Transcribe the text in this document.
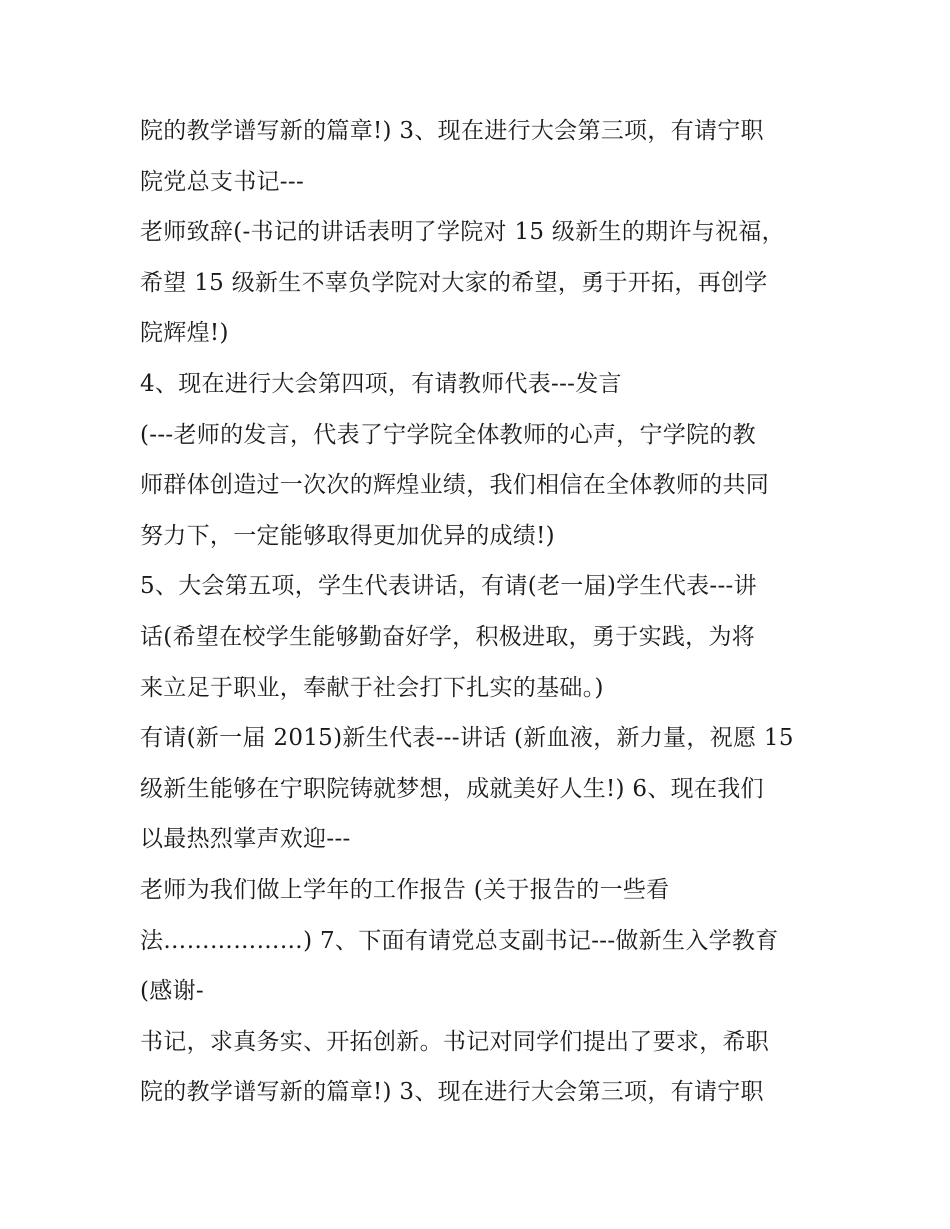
院的教学谱写新的篇章!) 3、现在进行大会第三项，有请宁职
院党总支书记---
老师致辞(-书记的讲话表明了学院对 15 级新生的期许与祝福，
希望 15 级新生不辜负学院对大家的希望，勇于开拓，再创学
院辉煌!)
4、现在进行大会第四项，有请教师代表---发言
(---老师的发言，代表了宁学院全体教师的心声，宁学院的教
师群体创造过一次次的辉煌业绩，我们相信在全体教师的共同
努力下，一定能够取得更加优异的成绩!)
5、大会第五项，学生代表讲话，有请(老一届)学生代表---讲
话(希望在校学生能够勤奋好学，积极进取，勇于实践，为将
来立足于职业，奉献于社会打下扎实的基础。)
有请(新一届 2015)新生代表---讲话 (新血液，新力量，祝愿 15
级新生能够在宁职院铸就梦想，成就美好人生!) 6、现在我们
以最热烈掌声欢迎---
老师为我们做上学年的工作报告 (关于报告的一些看
法………………) 7、下面有请党总支副书记---做新生入学教育
(感谢-
书记，求真务实、开拓创新。书记对同学们提出了要求，希职
院的教学谱写新的篇章!) 3、现在进行大会第三项，有请宁职
